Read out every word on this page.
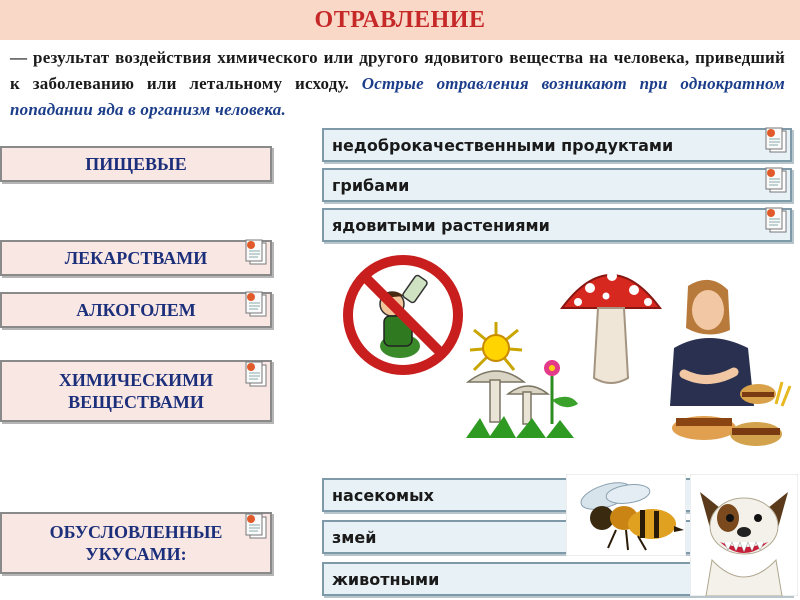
ОТРАВЛЕНИЕ
— результат воздействия химического или другого ядовитого вещества на человека, приведший к заболеванию или летальному исходу. Острые отравления возникают при однократном попадании яда в организм человека.
ПИЩЕВЫЕ
ЛЕКАРСТВАМИ
АЛКОГОЛЕМ
ХИМИЧЕСКИМИ
ВЕЩЕСТВАМИ
ОБУСЛОВЛЕННЫЕ
УКУСАМИ:
недоброкачественными продуктами
грибами
ядовитыми растениями
насекомых
змей
животными
